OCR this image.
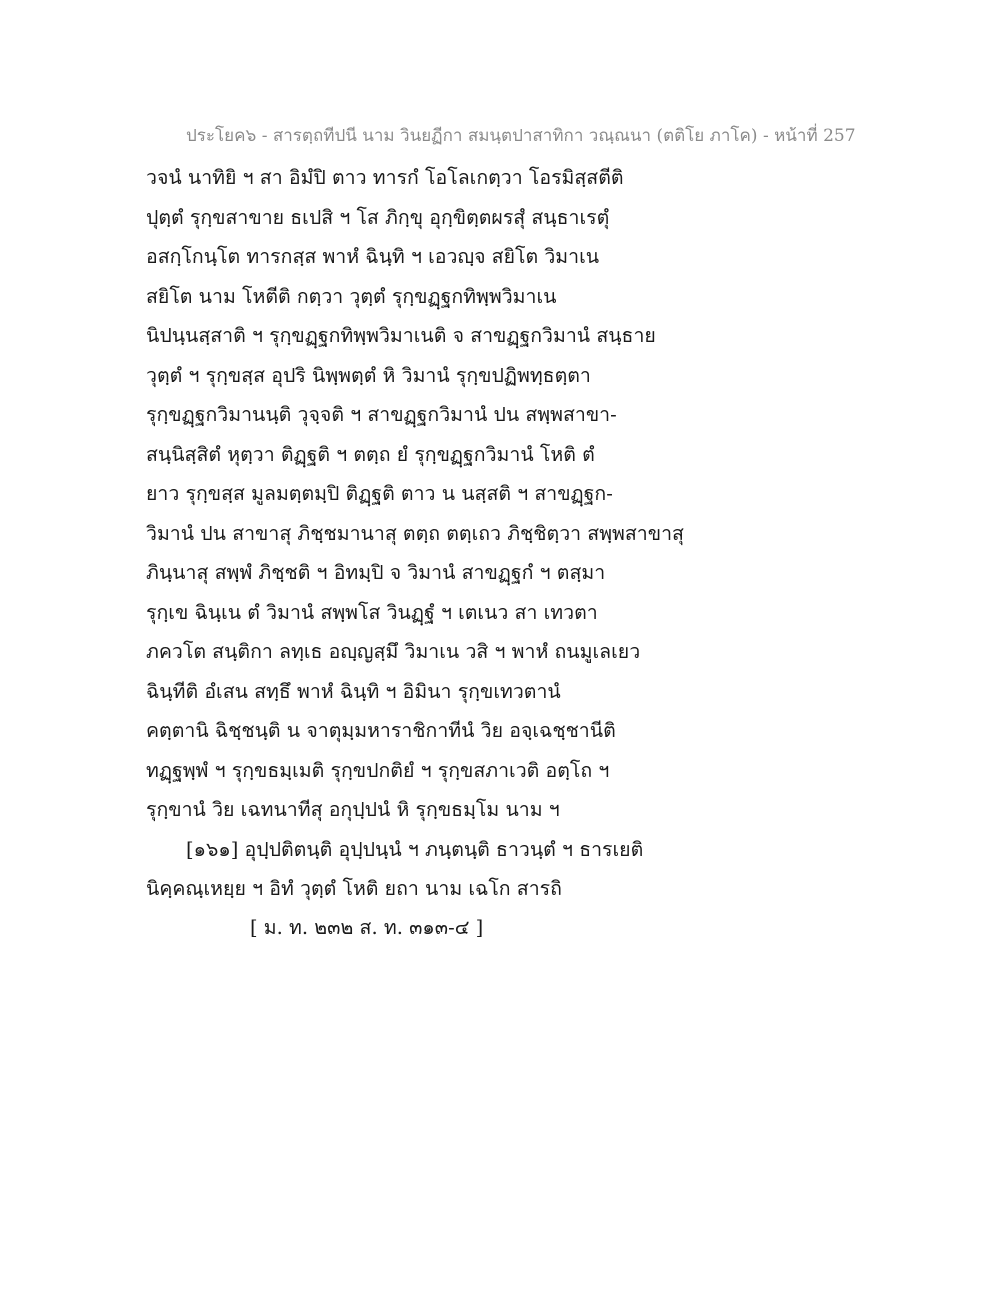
ประโยค๖ - สารตฺถทีปนี นาม วินยฏีกา สมนฺตปาสาทิกา วณฺณนา (ตติโย ภาโค) - หน้าที่ 257
วจนํ นาทิยิ ฯ สา อิมํปิ ตาว ทารกํ โอโลเกตฺวา โอรมิสฺสตีติ
ปุตฺตํ รุกฺขสาขาย ธเปสิ ฯ โส ภิกฺขุ อุกฺขิตฺตผรสุํ สนฺธาเรตุํ
อสกฺโกนฺโต ทารกสฺส พาหํ ฉินฺทิ ฯ เอวญฺจ สยิโต วิมาเน
สยิโต นาม โหตีติ กตฺวา วุตฺตํ รุกฺขฏฺฐกทิพฺพวิมาเน
นิปนฺนสฺสาติ ฯ รุกฺขฏฺฐกทิพฺพวิมาเนติ จ สาขฏฺฐกวิมานํ สนฺธาย
วุตฺตํ ฯ รุกฺขสฺส อุปริ นิพฺพตฺตํ หิ วิมานํ รุกฺขปฏิพทฺธตฺตา
รุกฺขฏฺฐกวิมานนฺติ วุจฺจติ ฯ สาขฏฺฐกวิมานํ ปน สพฺพสาขา-
สนฺนิสฺสิตํ หุตฺวา ติฏฺฐติ ฯ ตตฺถ ยํ รุกฺขฏฺฐกวิมานํ โหติ ตํ
ยาว รุกฺขสฺส มูลมตฺตมฺปิ ติฏฺฐติ ตาว น นสฺสติ ฯ สาขฏฺฐก-
วิมานํ ปน สาขาสุ ภิชฺชมานาสุ ตตฺถ ตตฺเถว ภิชฺชิตฺวา สพฺพสาขาสุ
ภินฺนาสุ สพฺพํ ภิชฺชติ ฯ อิทมฺปิ จ วิมานํ สาขฏฺฐกํ ฯ ตสฺมา
รุกฺเข ฉินฺเน ตํ วิมานํ สพฺพโส วินฏฺฐํ ฯ เตเนว สา เทวตา
ภควโต สนฺติกา ลทฺเธ อญฺญสฺมึ วิมาเน วสิ ฯ พาหํ ถนมูเลเยว
ฉินฺทีติ อํเสน สทฺธึ พาหํ ฉินฺทิ ฯ อิมินา รุกฺขเทวตานํ
คตฺตานิ ฉิชฺชนฺติ น จาตุมฺมหาราชิกาทีนํ วิย อจฺเฉชฺชานีติ
ทฏฺฐพฺพํ ฯ รุกฺขธมฺเมติ รุกฺขปกติยํ ฯ รุกฺขสภาเวติ อตฺโถ ฯ
รุกฺขานํ วิย เฉทนาทีสุ อกุปฺปนํ หิ รุกฺขธมฺโม นาม ฯ
[๑๖๑] อุปฺปติตนฺติ อุปฺปนฺนํ ฯ ภนฺตนฺติ ธาวนฺตํ ฯ ธารเยติ
นิคฺคณฺเหยฺย ฯ อิทํ วุตฺตํ โหติ ยถา นาม เฉโก สารถิ
[ ม. ท. ๒๓๒ ส. ท. ๓๑๓-๔ ]
